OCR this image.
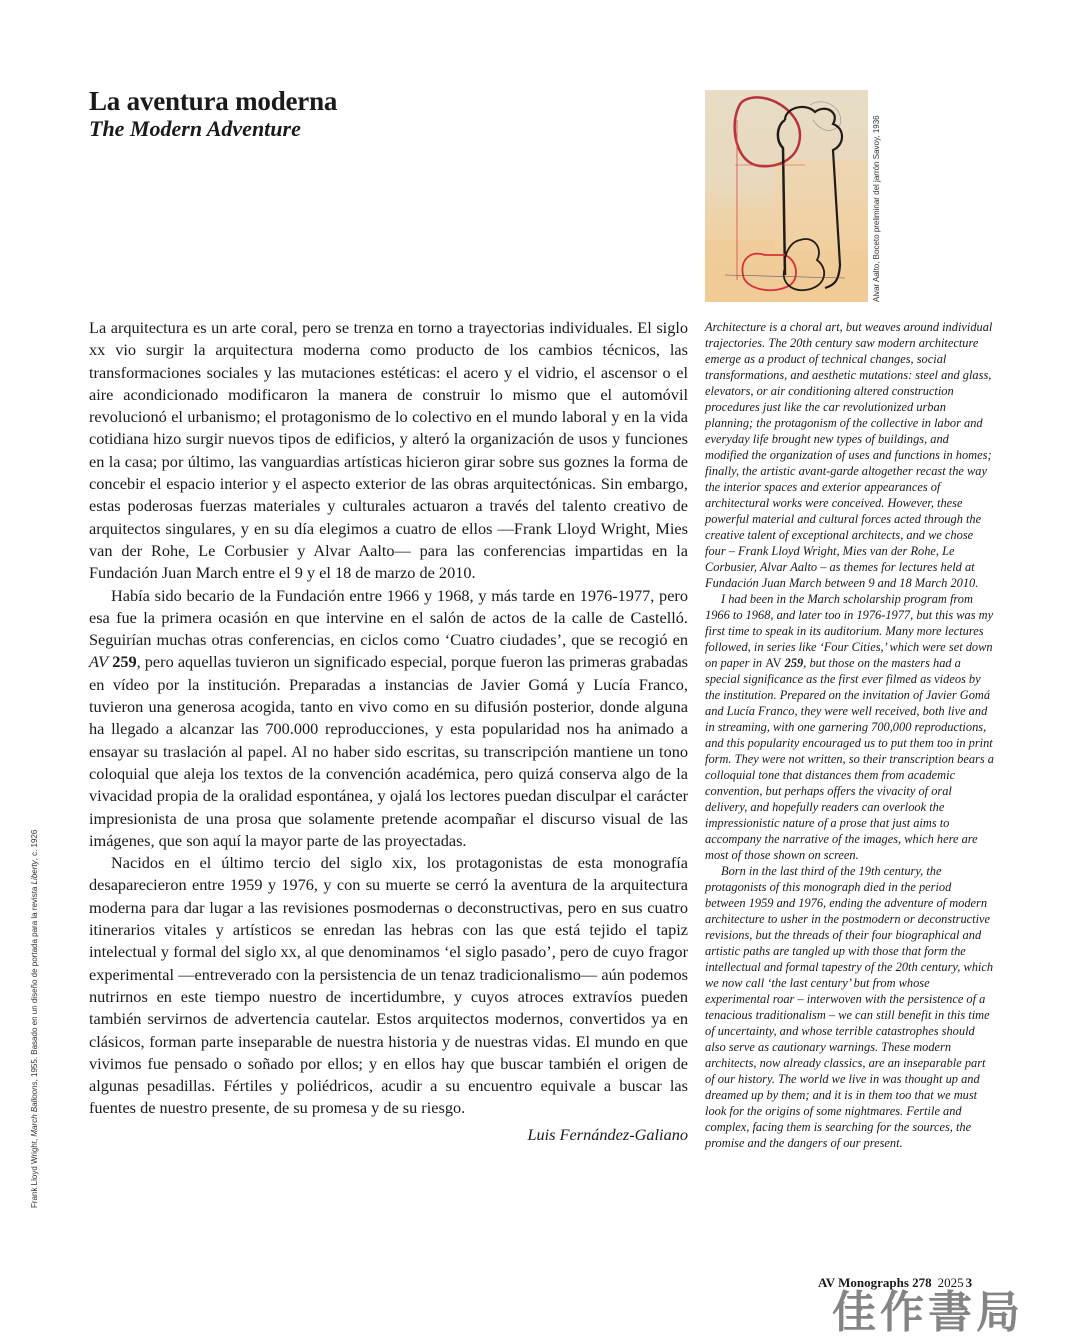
La aventura moderna
The Modern Adventure	Alvar Aalto, Boceto preliminar del jarrón Savoy, 1936
Frank Lloyd Wright, March Balloons, 1955. Basado en un diseño de portada para la revista Liberty, c. 1926

La arquitectura es un arte coral, pero se trenza en torno a trayectorias individuales. El siglo xx vio surgir la arquitectura moderna como producto de los cambios técnicos, las transformaciones sociales y las mutaciones estéticas: el acero y el vidrio, el ascensor o el aire acondicionado modificaron la manera de construir lo mismo que el automóvil revolucionó el urbanismo; el protagonismo de lo colectivo en el mundo laboral y en la vida cotidiana hizo surgir nuevos tipos de edificios, y alteró la organización de usos y funciones en la casa; por último, las vanguardias artísticas hicieron girar sobre sus goznes la forma de concebir el espacio interior y el aspecto exterior de las obras arquitectónicas. Sin embargo, estas poderosas fuerzas materiales y culturales actuaron a través del talento creativo de arquitectos singulares, y en su día elegimos a cuatro de ellos —Frank Lloyd Wright, Mies van der Rohe, Le Corbusier y Alvar Aalto— para las conferencias impartidas en la Fundación Juan March entre el 9 y el 18 de marzo de 2010.

Había sido becario de la Fundación entre 1966 y 1968, y más tarde en 1976-1977, pero esa fue la primera ocasión en que intervine en el salón de actos de la calle de Castelló. Seguirían muchas otras conferencias, en ciclos como ‘Cuatro ciudades’, que se recogió en AV 259, pero aquellas tuvieron un significado especial, porque fueron las primeras grabadas en vídeo por la institución. Preparadas a instancias de Javier Gomá y Lucía Franco, tuvieron una generosa acogida, tanto en vivo como en su difusión posterior, donde alguna ha llegado a alcanzar las 700.000 reproducciones, y esta popularidad nos ha animado a ensayar su traslación al papel. Al no haber sido escritas, su transcripción mantiene un tono coloquial que aleja los textos de la convención académica, pero quizá conserva algo de la vivacidad propia de la oralidad espontánea, y ojalá los lectores puedan disculpar el carácter impresionista de una prosa que solamente pretende acompañar el discurso visual de las imágenes, que son aquí la mayor parte de las proyectadas.

Nacidos en el último tercio del siglo xix, los protagonistas de esta monografía desaparecieron entre 1959 y 1976, y con su muerte se cerró la aventura de la arquitectura moderna para dar lugar a las revisiones posmodernas o deconstructivas, pero en sus cuatro itinerarios vitales y artísticos se enredan las hebras con las que está tejido el tapiz intelectual y formal del siglo xx, al que denominamos ‘el siglo pasado’, pero de cuyo fragor experimental —entreverado con la persistencia de un tenaz tradicionalismo— aún podemos nutrirnos en este tiempo nuestro de incertidumbre, y cuyos atroces extravíos pueden también servirnos de advertencia cautelar. Estos arquitectos modernos, convertidos ya en clásicos, forman parte inseparable de nuestra historia y de nuestras vidas. El mundo en que vivimos fue pensado o soñado por ellos; y en ellos hay que buscar también el origen de algunas pesadillas. Fértiles y poliédricos, acudir a su encuentro equivale a buscar las fuentes de nuestro presente, de su promesa y de su riesgo.

Luis Fernández-Galiano

Architecture is a choral art, but weaves around individual trajectories. The 20th century saw modern architecture emerge as a product of technical changes, social transformations, and aesthetic mutations: steel and glass, elevators, or air conditioning altered construction procedures just like the car revolutionized urban planning; the protagonism of the collective in labor and everyday life brought new types of buildings, and modified the organization of uses and functions in homes; finally, the artistic avant-garde altogether recast the way the interior spaces and exterior appearances of architectural works were conceived. However, these powerful material and cultural forces acted through the creative talent of exceptional architects, and we chose four – Frank Lloyd Wright, Mies van der Rohe, Le Corbusier, Alvar Aalto – as themes for lectures held at Fundación Juan March between 9 and 18 March 2010.

I had been in the March scholarship program from 1966 to 1968, and later too in 1976-1977, but this was my first time to speak in its auditorium. Many more lectures followed, in series like ‘Four Cities,’ which were set down on paper in AV 259, but those on the masters had a special significance as the first ever filmed as videos by the institution. Prepared on the invitation of Javier Gomá and Lucía Franco, they were well received, both live and in streaming, with one garnering 700,000 reproductions, and this popularity encouraged us to put them too in print form. They were not written, so their transcription bears a colloquial tone that distances them from academic convention, but perhaps offers the vivacity of oral delivery, and hopefully readers can overlook the impressionistic nature of a prose that just aims to accompany the narrative of the images, which here are most of those shown on screen.

Born in the last third of the 19th century, the protagonists of this monograph died in the period between 1959 and 1976, ending the adventure of modern architecture to usher in the postmodern or deconstructive revisions, but the threads of their four biographical and artistic paths are tangled up with those that form the intellectual and formal tapestry of the 20th century, which we now call ‘the last century’ but from whose experimental roar – interwoven with the persistence of a tenacious traditionalism – we can still benefit in this time of uncertainty, and whose terrible catastrophes should also serve as cautionary warnings. These modern architects, now already classics, are an inseparable part of our history. The world we live in was thought up and dreamed up by them; and it is in them too that we must look for the origins of some nightmares. Fertile and complex, facing them is searching for the sources, the promise and the dangers of our present.

佳作書局
AV Monographs 278 2025 3
